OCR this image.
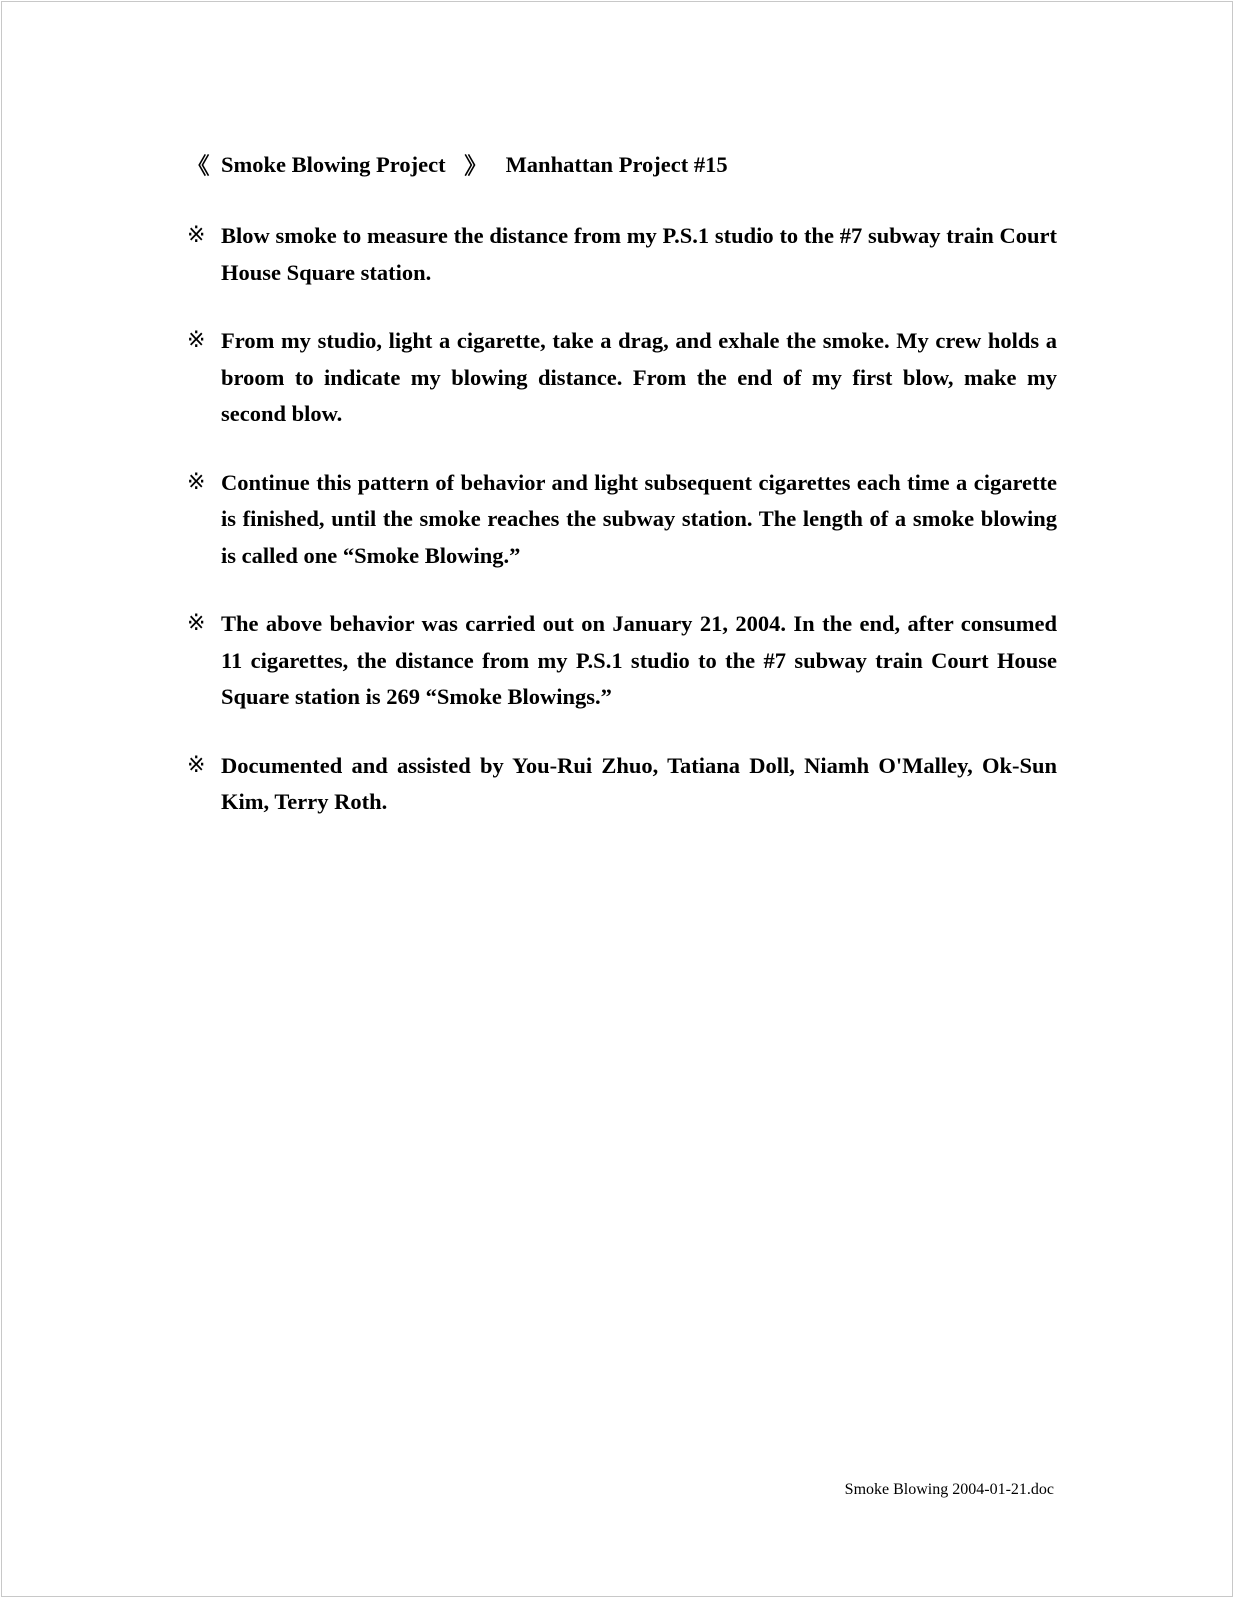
《 Smoke Blowing Project 》 Manhattan Project #15
※ Blow smoke to measure the distance from my P.S.1 studio to the #7 subway train Court House Square station.
※ From my studio, light a cigarette, take a drag, and exhale the smoke. My crew holds a broom to indicate my blowing distance. From the end of my first blow, make my second blow.
※ Continue this pattern of behavior and light subsequent cigarettes each time a cigarette is finished, until the smoke reaches the subway station. The length of a smoke blowing is called one “Smoke Blowing.”
※ The above behavior was carried out on January 21, 2004. In the end, after consumed 11 cigarettes, the distance from my P.S.1 studio to the #7 subway train Court House Square station is 269 “Smoke Blowings.”
※ Documented and assisted by You-Rui Zhuo, Tatiana Doll, Niamh O'Malley, Ok-Sun Kim, Terry Roth.
Smoke Blowing 2004-01-21.doc
